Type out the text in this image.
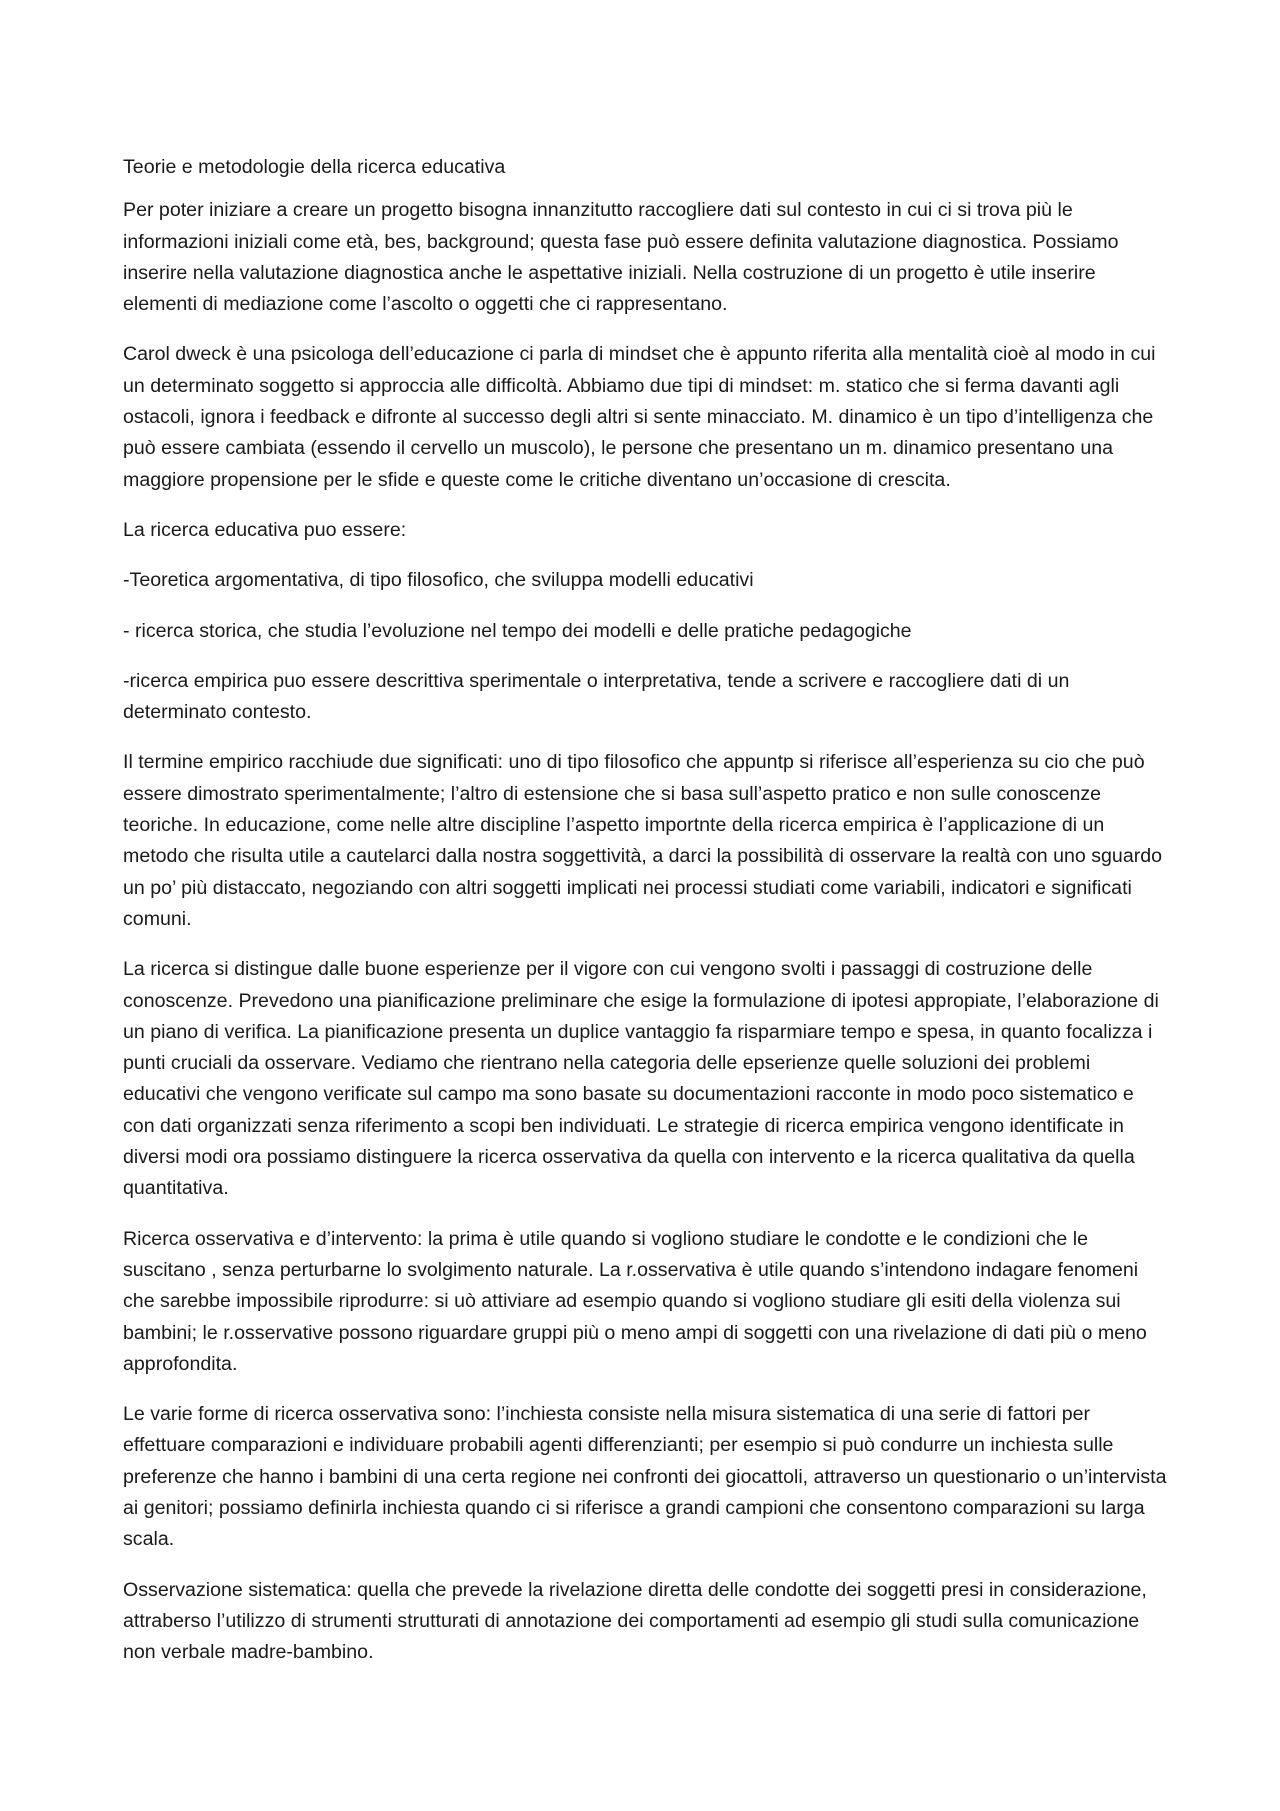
Teorie e metodologie della ricerca educativa

Per poter iniziare a creare un progetto bisogna innanzitutto raccogliere dati sul contesto in cui ci si trova più le informazioni iniziali come età, bes, background; questa fase può essere definita valutazione diagnostica. Possiamo inserire nella valutazione diagnostica anche le aspettative iniziali. Nella costruzione di un progetto è utile inserire elementi di mediazione come l’ascolto o oggetti che ci rappresentano.

Carol dweck è una psicologa dell’educazione ci parla di mindset che è appunto riferita alla mentalità cioè al modo in cui un determinato soggetto si approccia alle difficoltà. Abbiamo due tipi di mindset: m. statico che si ferma davanti agli ostacoli, ignora i feedback e difronte al successo degli altri si sente minacciato. M. dinamico è un tipo d’intelligenza che può essere cambiata (essendo il cervello un muscolo), le persone che presentano un m. dinamico presentano una maggiore propensione per le sfide e queste come le critiche diventano un’occasione di crescita.

La ricerca educativa puo essere:

-Teoretica argomentativa, di tipo filosofico, che sviluppa modelli educativi

- ricerca storica, che studia l’evoluzione nel tempo dei modelli e delle pratiche pedagogiche

-ricerca empirica puo essere descrittiva sperimentale o interpretativa, tende a scrivere e raccogliere dati di un determinato contesto.

Il termine empirico racchiude due significati: uno di tipo filosofico che appuntp si riferisce all’esperienza su cio che può essere dimostrato sperimentalmente; l’altro di estensione che si basa sull’aspetto pratico e non sulle conoscenze teoriche. In educazione, come nelle altre discipline l’aspetto importnte della ricerca empirica è l’applicazione di un metodo che risulta utile a cautelarci dalla nostra soggettività, a darci la possibilità di osservare la realtà con uno sguardo un po’ più distaccato, negoziando con altri soggetti implicati nei processi studiati come variabili, indicatori e significati comuni.

La ricerca si distingue dalle buone esperienze per il vigore con cui vengono svolti i passaggi di costruzione delle conoscenze. Prevedono una pianificazione preliminare che esige la formulazione di ipotesi appropiate, l’elaborazione di un piano di verifica. La pianificazione presenta un duplice vantaggio fa risparmiare tempo e spesa, in quanto focalizza i punti cruciali da osservare. Vediamo che rientrano nella categoria delle epserienze quelle soluzioni dei problemi educativi che vengono verificate sul campo ma sono basate su documentazioni racconte in modo poco sistematico e con dati organizzati senza riferimento a scopi ben individuati. Le strategie di ricerca empirica vengono identificate in diversi modi ora possiamo distinguere la ricerca osservativa da quella con intervento e la ricerca qualitativa da quella quantitativa.

Ricerca osservativa e d’intervento: la prima è utile quando si vogliono studiare le condotte e le condizioni che le suscitano , senza perturbarne lo svolgimento naturale. La r.osservativa è utile quando s’intendono indagare fenomeni che sarebbe impossibile riprodurre: si uò attiviare ad esempio quando si vogliono studiare gli esiti della violenza sui bambini; le r.osservative possono riguardare gruppi più o meno ampi di soggetti con una rivelazione di dati più o meno approfondita.

Le varie forme di ricerca osservativa sono: l’inchiesta consiste nella misura sistematica di una serie di fattori per effettuare comparazioni e individuare probabili agenti differenzianti; per esempio si può condurre un inchiesta sulle preferenze che hanno i bambini di una certa regione nei confronti dei giocattoli, attraverso un questionario o un’intervista ai genitori; possiamo definirla inchiesta quando ci si riferisce a grandi campioni che consentono comparazioni su larga scala.

Osservazione sistematica: quella che prevede la rivelazione diretta delle condotte dei soggetti presi in considerazione, attraberso l’utilizzo di strumenti strutturati di annotazione dei comportamenti ad esempio gli studi sulla comunicazione non verbale madre-bambino.
